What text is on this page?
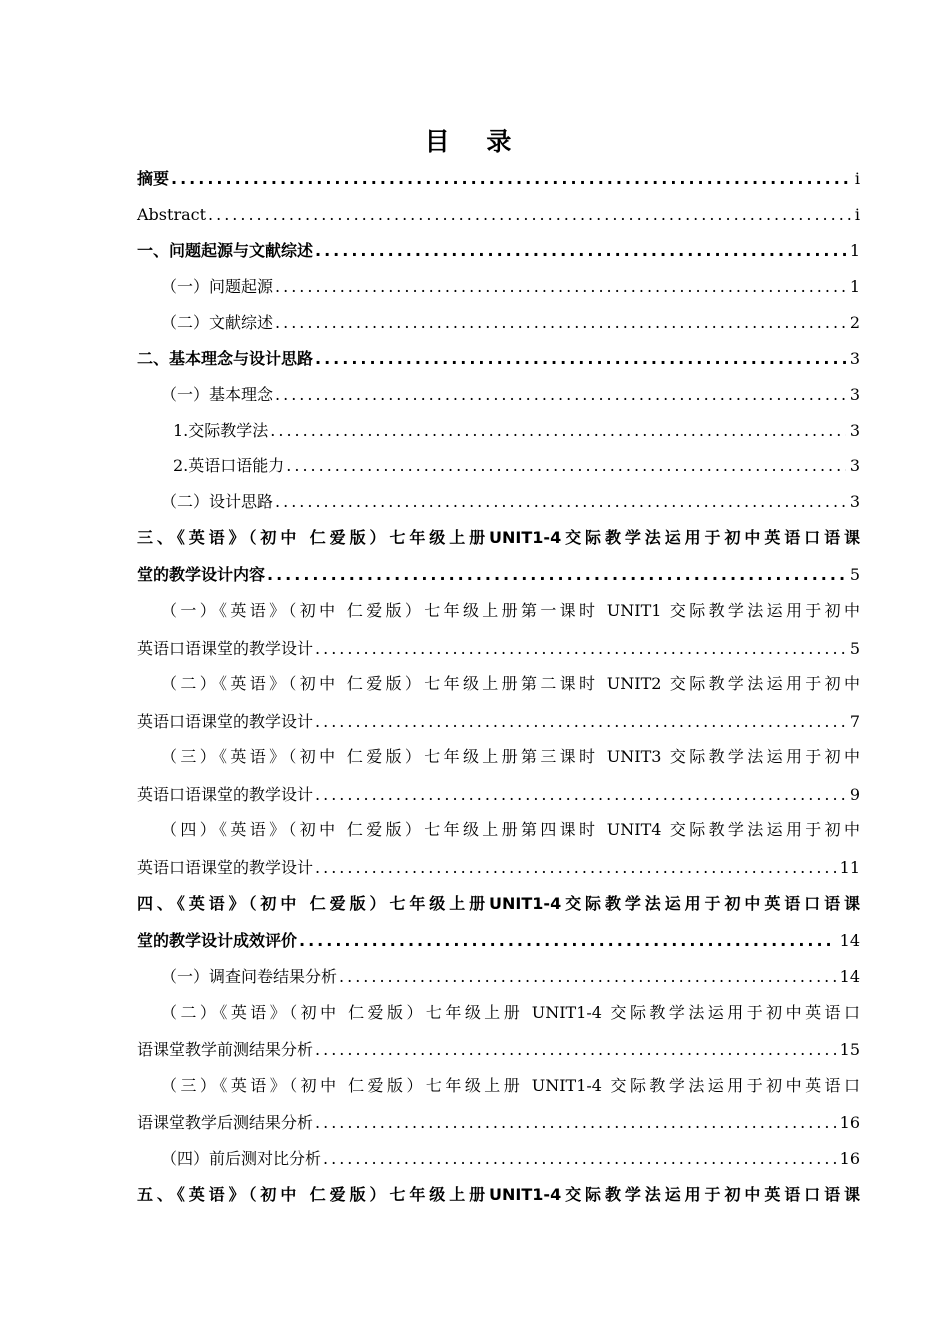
目 录
摘要 .....	i
Abstract .....	i
一、问题起源与文献综述 .....	1
（一）问题起源 .....	1
（二）文献综述 .....	2
二、基本理念与设计思路 .....	3
（一）基本理念 .....	3
1.交际教学法 .....	3
2.英语口语能力 .....	3
（二）设计思路 .....	3
三、《英语》（初中 仁爱版）七年级上册UNIT1-4交际教学法运用于初中英语口语课
堂的教学设计内容 .....	5
（一）《英语》（初中 仁爱版）七年级上册第一课时 UNIT1 交际教学法运用于初中
英语口语课堂的教学设计 .....	5
（二）《英语》（初中 仁爱版）七年级上册第二课时 UNIT2 交际教学法运用于初中
英语口语课堂的教学设计 .....	7
（三）《英语》（初中 仁爱版）七年级上册第三课时 UNIT3 交际教学法运用于初中
英语口语课堂的教学设计 .....	9
（四）《英语》（初中 仁爱版）七年级上册第四课时 UNIT4 交际教学法运用于初中
英语口语课堂的教学设计 .....	11
四、《英语》（初中 仁爱版）七年级上册UNIT1-4交际教学法运用于初中英语口语课
堂的教学设计成效评价 .....	14
（一）调查问卷结果分析 .....	14
（二）《英语》（初中 仁爱版）七年级上册 UNIT1-4 交际教学法运用于初中英语口
语课堂教学前测结果分析 .....	15
（三）《英语》（初中 仁爱版）七年级上册 UNIT1-4 交际教学法运用于初中英语口
语课堂教学后测结果分析 .....	16
（四）前后测对比分析 .....	16
五、《英语》（初中 仁爱版）七年级上册UNIT1-4交际教学法运用于初中英语口语课
